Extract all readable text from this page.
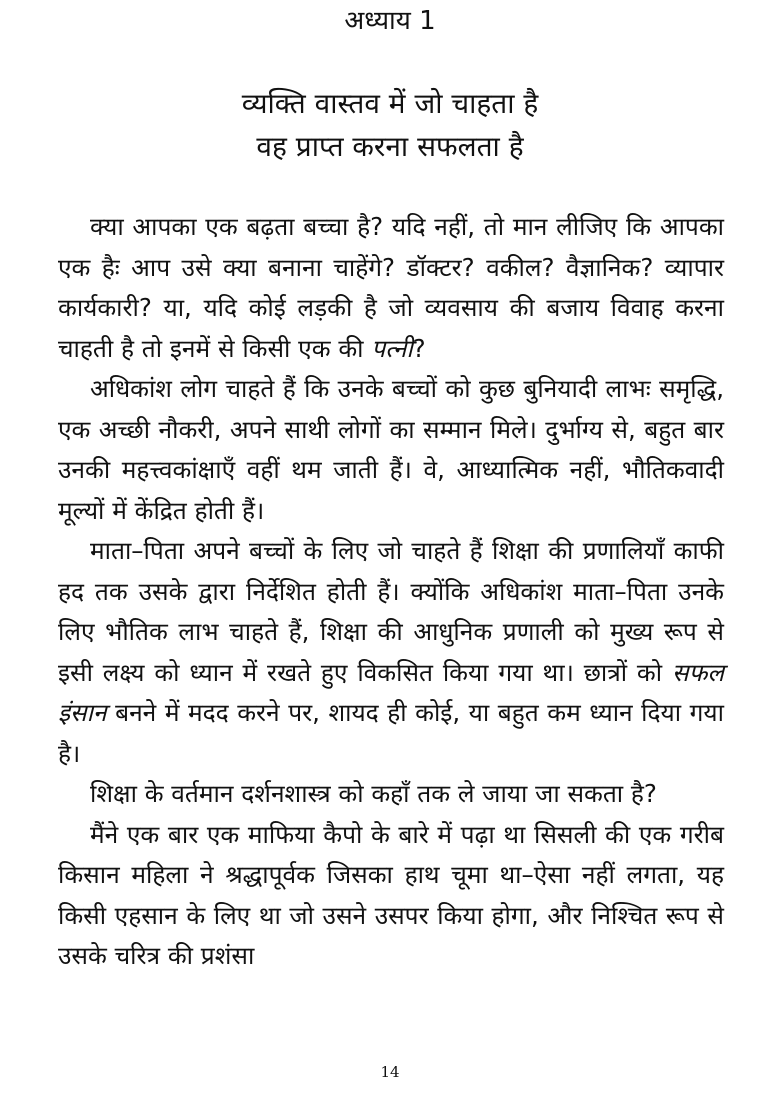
अध्याय 1
व्यक्ति वास्तव में जो चाहता है
वह प्राप्त करना सफलता है

क्या आपका एक बढ़ता बच्चा है? यदि नहीं, तो मान लीजिए कि आपका एक हैः आप उसे क्या बनाना चाहेंगे? डॉक्टर? वकील? वैज्ञानिक? व्यापार कार्यकारी? या, यदि कोई लड़की है जो व्यवसाय की बजाय विवाह करना चाहती है तो इनमें से किसी एक की पत्नी?

अधिकांश लोग चाहते हैं कि उनके बच्चों को कुछ बुनियादी लाभः समृद्धि, एक अच्छी नौकरी, अपने साथी लोगों का सम्मान मिले। दुर्भाग्य से, बहुत बार उनकी महत्त्वकांक्षाएँ वहीं थम जाती हैं। वे, आध्यात्मिक नहीं, भौतिकवादी मूल्यों में केंद्रित होती हैं।

माता–पिता अपने बच्चों के लिए जो चाहते हैं शिक्षा की प्रणालियाँ काफी हद तक उसके द्वारा निर्देशित होती हैं। क्योंकि अधिकांश माता–पिता उनके लिए भौतिक लाभ चाहते हैं, शिक्षा की आधुनिक प्रणाली को मुख्य रूप से इसी लक्ष्य को ध्यान में रखते हुए विकसित किया गया था। छात्रों को सफल इंसान बनने में मदद करने पर, शायद ही कोई, या बहुत कम ध्यान दिया गया है।

शिक्षा के वर्तमान दर्शनशास्त्र को कहाँ तक ले जाया जा सकता है?

मैंने एक बार एक माफिया कैपो के बारे में पढ़ा था सिसली की एक गरीब किसान महिला ने श्रद्धापूर्वक जिसका हाथ चूमा था–ऐसा नहीं लगता, यह किसी एहसान के लिए था जो उसने उसपर किया होगा, और निश्चित रूप से उसके चरित्र की प्रशंसा

14
